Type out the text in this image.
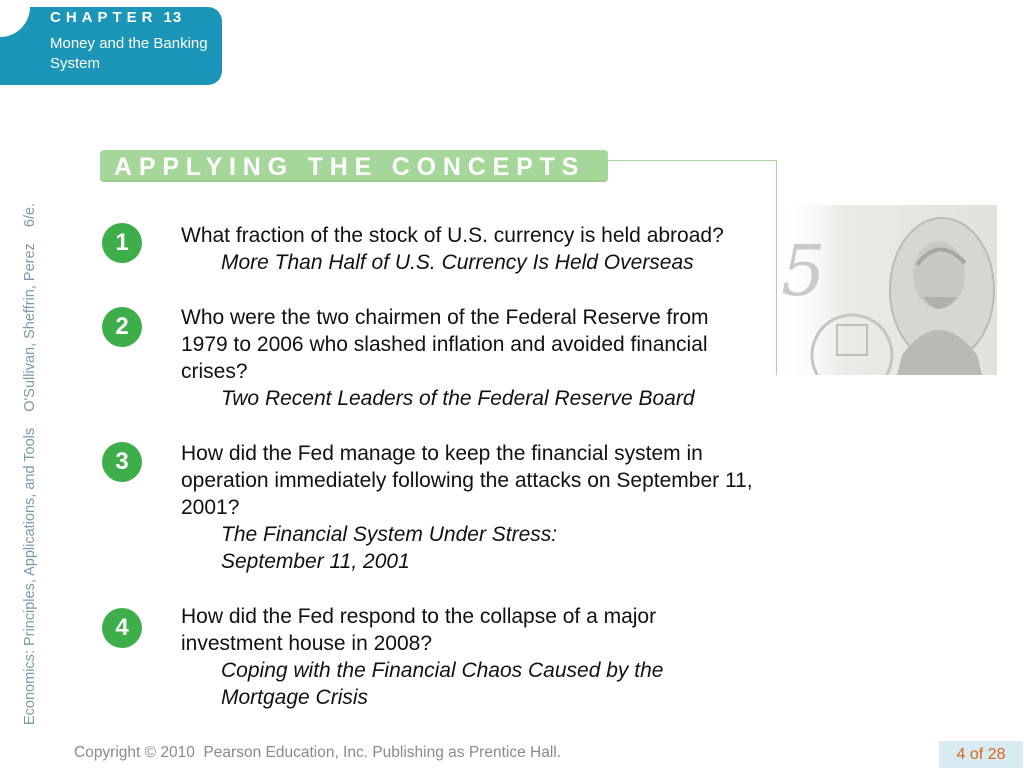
CHAPTER 13
Money and the Banking System
Economics: Principles, Applications, and Tools    O'Sullivan, Sheffrin, Perez    6/e.
APPLYING THE CONCEPTS
5
1	What fraction of the stock of U.S. currency is held abroad?
More Than Half of U.S. Currency Is Held Overseas
2	Who were the two chairmen of the Federal Reserve from 1979 to 2006 who slashed inflation and avoided financial crises?
Two Recent Leaders of the Federal Reserve Board
3	How did the Fed manage to keep the financial system in operation immediately following the attacks on September 11, 2001?
The Financial System Under Stress: September 11, 2001
4	How did the Fed respond to the collapse of a major investment house in 2008?
Coping with the Financial Chaos Caused by the Mortgage Crisis
Copyright © 2010  Pearson Education, Inc. Publishing as Prentice Hall.	4 of 28
